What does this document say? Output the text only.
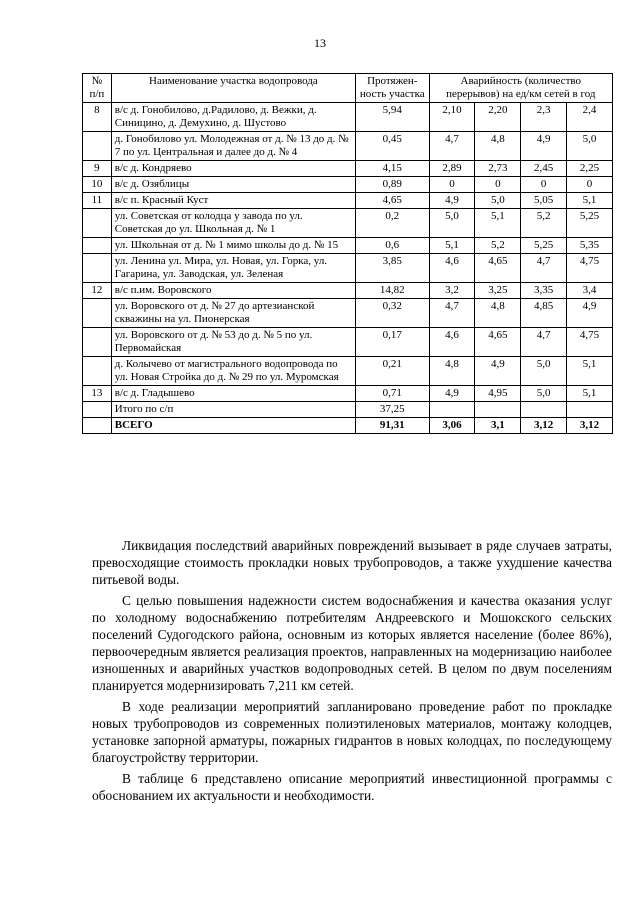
13
№ п/п	Наименование участка водопровода	Протяжен-ность участка	Аварийность (количество перерывов) на ед/км сетей в год			
8	в/с д. Гонобилово, д.Радилово, д. Вежки, д. Синицино, д. Демухино, д. Шустово	5,94	2,10	2,20	2,3	2,4
	д. Гонобилово ул. Молодежная от д. № 13 до д. № 7 по ул. Центральная и далее до д. № 4	0,45	4,7	4,8	4,9	5,0
9	в/с д. Кондряево	4,15	2,89	2,73	2,45	2,25
10	в/с д. Озяблицы	0,89	0	0	0	0
11	в/с п. Красный Куст	4,65	4,9	5,0	5,05	5,1
	ул. Советская от колодца у завода по ул. Советская до ул. Школьная д. № 1	0,2	5,0	5,1	5,2	5,25
	ул. Школьная от д. № 1 мимо школы до д. № 15	0,6	5,1	5,2	5,25	5,35
	ул. Ленина ул. Мира, ул. Новая, ул. Горка, ул. Гагарина, ул. Заводская, ул. Зеленая	3,85	4,6	4,65	4,7	4,75
12	в/с п.им. Воровского	14,82	3,2	3,25	3,35	3,4
	ул. Воровского от д. № 27 до артезианской скважины на ул. Пионерская	0,32	4,7	4,8	4,85	4,9
	ул. Воровского от д. № 53 до д. № 5 по ул. Первомайская	0,17	4,6	4,65	4,7	4,75
	д. Колычево от магистрального водопровода по ул. Новая Стройка до д. № 29 по ул. Муромская	0,21	4,8	4,9	5,0	5,1
13	в/с д. Гладышево	0,71	4,9	4,95	5,0	5,1
	Итого по с/п	37,25				
	ВСЕГО	91,31	3,06	3,1	3,12	3,12

Ликвидация последствий аварийных повреждений вызывает в ряде случаев затраты, превосходящие стоимость прокладки новых трубопроводов, а также ухудшение качества питьевой воды.

С целью повышения надежности систем водоснабжения и качества оказания услуг по холодному водоснабжению потребителям Андреевского и Мошокского сельских поселений Судогодского района, основным из которых является население (более 86%), первоочередным является реализация проектов, направленных на модернизацию наиболее изношенных и аварийных участков водопроводных сетей. В целом по двум поселениям планируется модернизировать 7,211 км сетей.

В ходе реализации мероприятий запланировано проведение работ по прокладке новых трубопроводов из современных полиэтиленовых материалов, монтажу колодцев, установке запорной арматуры, пожарных гидрантов в новых колодцах, по последующему благоустройству территории.

В таблице 6 представлено описание мероприятий инвестиционной программы с обоснованием их актуальности и необходимости.
